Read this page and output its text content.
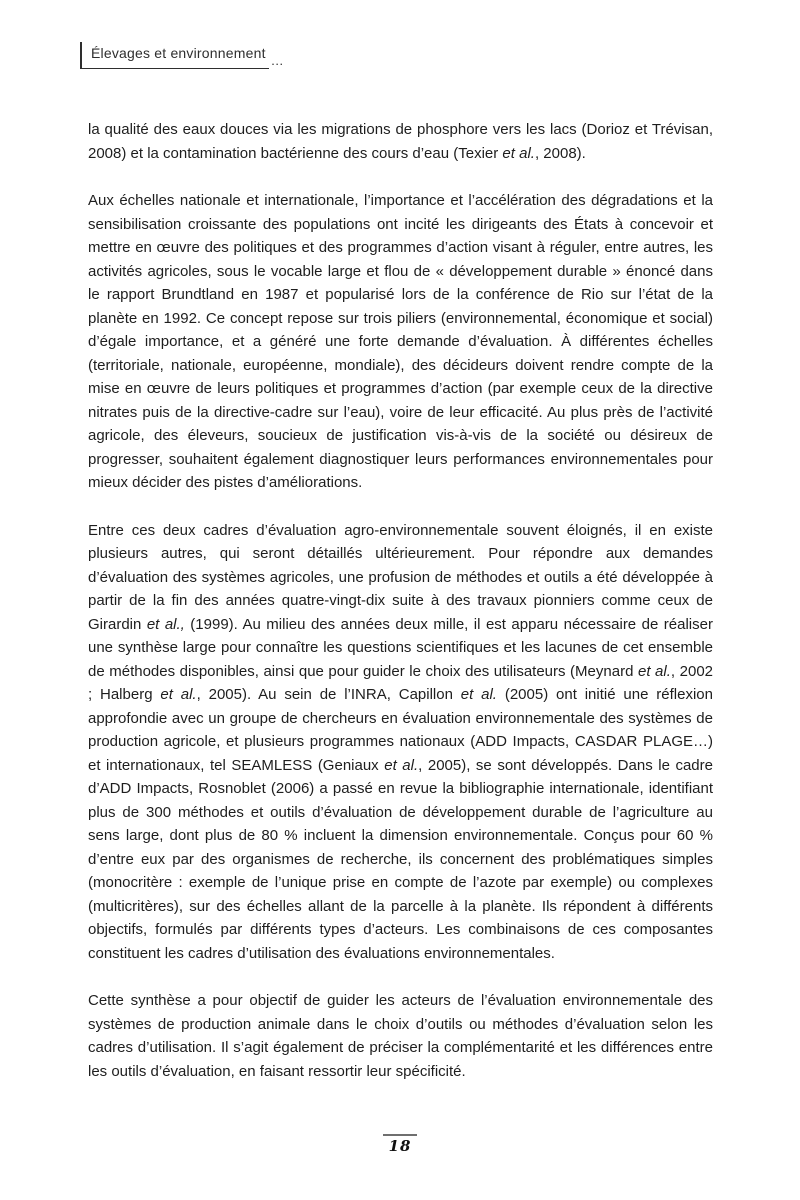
Élevages et environnement …

la qualité des eaux douces via les migrations de phosphore vers les lacs (Dorioz et Trévisan, 2008) et la contamination bactérienne des cours d’eau (Texier et al., 2008).

Aux échelles nationale et internationale, l’importance et l’accélération des dégradations et la sensibilisation croissante des populations ont incité les dirigeants des États à concevoir et mettre en œuvre des politiques et des programmes d’action visant à réguler, entre autres, les activités agricoles, sous le vocable large et flou de « développement durable » énoncé dans le rapport Brundtland en 1987 et popularisé lors de la conférence de Rio sur l’état de la planète en 1992. Ce concept repose sur trois piliers (environnemental, économique et social) d’égale importance, et a généré une forte demande d’évaluation. À différentes échelles (territoriale, nationale, européenne, mondiale), des décideurs doivent rendre compte de la mise en œuvre de leurs politiques et programmes d’action (par exemple ceux de la directive nitrates puis de la directive-cadre sur l’eau), voire de leur efficacité. Au plus près de l’activité agricole, des éleveurs, soucieux de justification vis-à-vis de la société ou désireux de progresser, souhaitent également diagnostiquer leurs performances environnementales pour mieux décider des pistes d’améliorations.

Entre ces deux cadres d’évaluation agro-environnementale souvent éloignés, il en existe plusieurs autres, qui seront détaillés ultérieurement. Pour répondre aux demandes d’évaluation des systèmes agricoles, une profusion de méthodes et outils a été développée à partir de la fin des années quatre-vingt-dix suite à des travaux pionniers comme ceux de Girardin et al., (1999). Au milieu des années deux mille, il est apparu nécessaire de réaliser une synthèse large pour connaître les questions scientifiques et les lacunes de cet ensemble de méthodes disponibles, ainsi que pour guider le choix des utilisateurs (Meynard et al., 2002 ; Halberg et al., 2005). Au sein de l’INRA, Capillon et al. (2005) ont initié une réflexion approfondie avec un groupe de chercheurs en évaluation environnementale des systèmes de production agricole, et plusieurs programmes nationaux (ADD Impacts, CASDAR PLAGE…) et internationaux, tel SEAMLESS (Geniaux et al., 2005), se sont développés. Dans le cadre d’ADD Impacts, Rosnoblet (2006) a passé en revue la bibliographie internationale, identifiant plus de 300 méthodes et outils d’évaluation de développement durable de l’agriculture au sens large, dont plus de 80 % incluent la dimension environnementale. Conçus pour 60 % d’entre eux par des organismes de recherche, ils concernent des problématiques simples (monocritère : exemple de l’unique prise en compte de l’azote par exemple) ou complexes (multicritères), sur des échelles allant de la parcelle à la planète. Ils répondent à différents objectifs, formulés par différents types d’acteurs. Les combinaisons de ces composantes constituent les cadres d’utilisation des évaluations environnementales.

Cette synthèse a pour objectif de guider les acteurs de l’évaluation environnementale des systèmes de production animale dans le choix d’outils ou méthodes d’évaluation selon les cadres d’utilisation. Il s’agit également de préciser la complémentarité et les différences entre les outils d’évaluation, en faisant ressortir leur spécificité.

18
